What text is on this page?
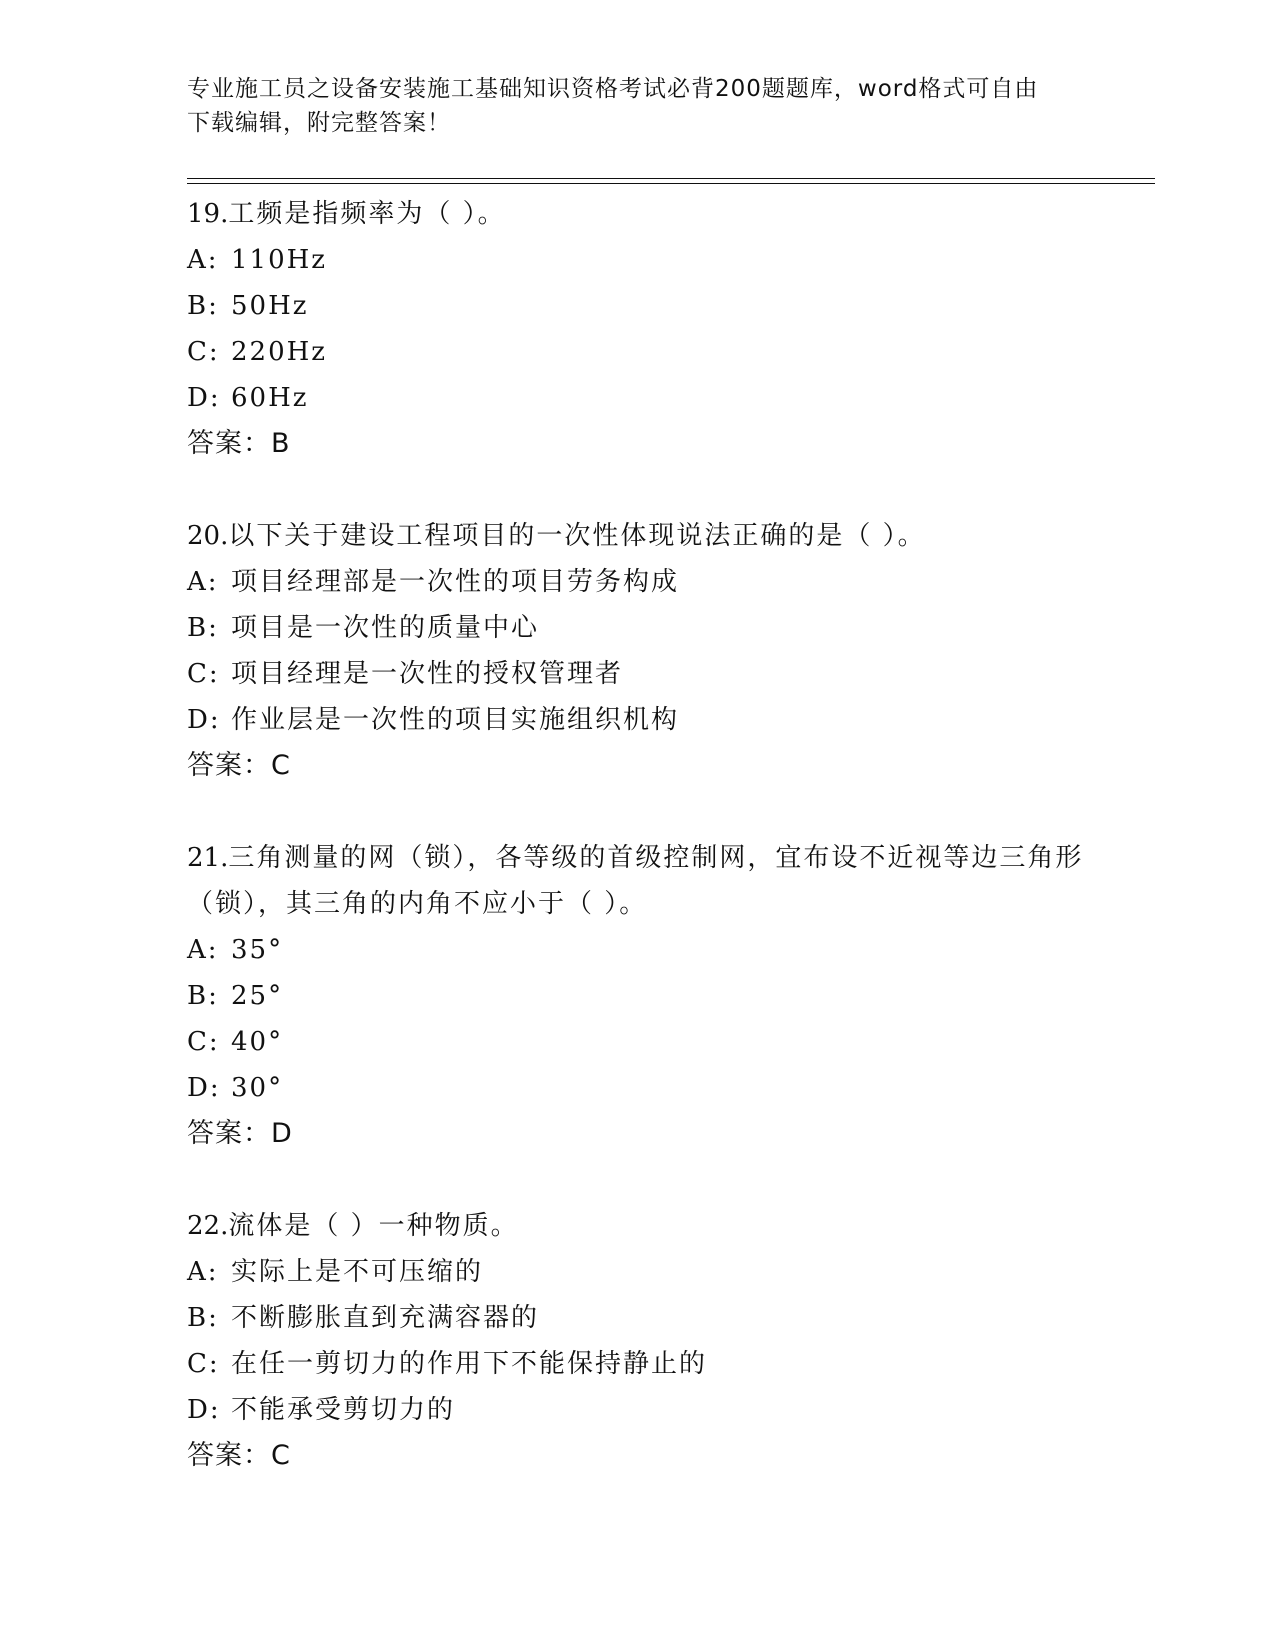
专业施工员之设备安装施工基础知识资格考试必背200题题库，word格式可自由
下载编辑，附完整答案！
19.工频是指频率为（ ）。
A: 110Hz
B: 50Hz
C: 220Hz
D: 60Hz
答案：B
20.以下关于建设工程项目的一次性体现说法正确的是（ ）。
A: 项目经理部是一次性的项目劳务构成
B: 项目是一次性的质量中心
C: 项目经理是一次性的授权管理者
D: 作业层是一次性的项目实施组织机构
答案：C
21.三角测量的网（锁），各等级的首级控制网，宜布设不近视等边三角形（锁），其三角的内角不应小于（ ）。
A: 35°
B: 25°
C: 40°
D: 30°
答案：D
22.流体是（ ）一种物质。
A: 实际上是不可压缩的
B: 不断膨胀直到充满容器的
C: 在任一剪切力的作用下不能保持静止的
D: 不能承受剪切力的
答案：C
